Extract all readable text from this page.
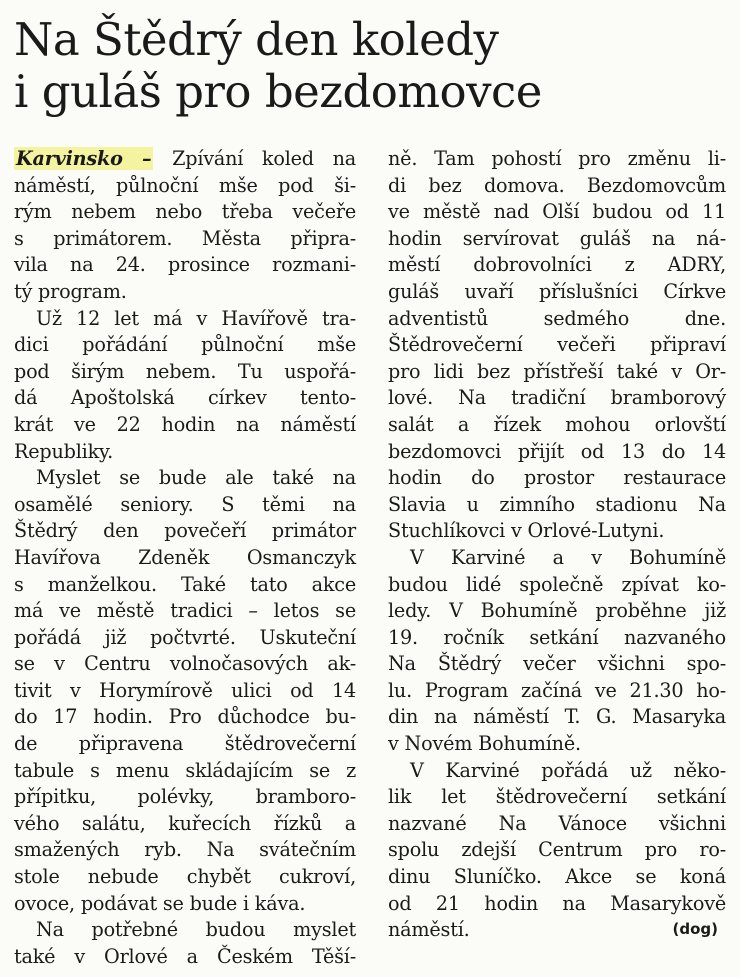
Na Štědrý den koledy
i guláš pro bezdomovce
Karvinsko – Zpívání koled na
náměstí, půlnoční mše pod ši-
rým nebem nebo třeba večeře
s primátorem. Města připra-
vila na 24. prosince rozmani-
tý program.
Už 12 let má v Havířově tra-
dici pořádání půlnoční mše
pod širým nebem. Tu uspořá-
dá Apoštolská církev tento-
krát ve 22 hodin na náměstí
Republiky.
Myslet se bude ale také na
osamělé seniory. S těmi na
Štědrý den povečeří primátor
Havířova Zdeněk Osmanczyk
s manželkou. Také tato akce
má ve městě tradici – letos se
pořádá již počtvrté. Uskuteční
se v Centru volnočasových ak-
tivit v Horymírově ulici od 14
do 17 hodin. Pro důchodce bu-
de připravena štědrovečerní
tabule s menu skládajícím se z
přípitku, polévky, bramboro-
vého salátu, kuřecích řízků a
smažených ryb. Na svátečním
stole nebude chybět cukroví,
ovoce, podávat se bude i káva.
Na potřebné budou myslet
také v Orlové a Českém Těší-
ně. Tam pohostí pro změnu li-
di bez domova. Bezdomovcům
ve městě nad Olší budou od 11
hodin servírovat guláš na ná-
městí dobrovolníci z ADRY,
guláš uvaří příslušníci Církve
adventistů sedmého dne.
Štědrovečerní večeři připraví
pro lidi bez přístřeší také v Or-
lové. Na tradiční bramborový
salát a řízek mohou orlovští
bezdomovci přijít od 13 do 14
hodin do prostor restaurace
Slavia u zimního stadionu Na
Stuchlíkovci v Orlové-Lutyni.
V Karviné a v Bohumíně
budou lidé společně zpívat ko-
ledy. V Bohumíně proběhne již
19. ročník setkání nazvaného
Na Štědrý večer všichni spo-
lu. Program začíná ve 21.30 ho-
din na náměstí T. G. Masaryka
v Novém Bohumíně.
V Karviné pořádá už něko-
lik let štědrovečerní setkání
nazvané Na Vánoce všichni
spolu zdejší Centrum pro ro-
dinu Sluníčko. Akce se koná
od 21 hodin na Masarykově
náměstí.	(dog)
